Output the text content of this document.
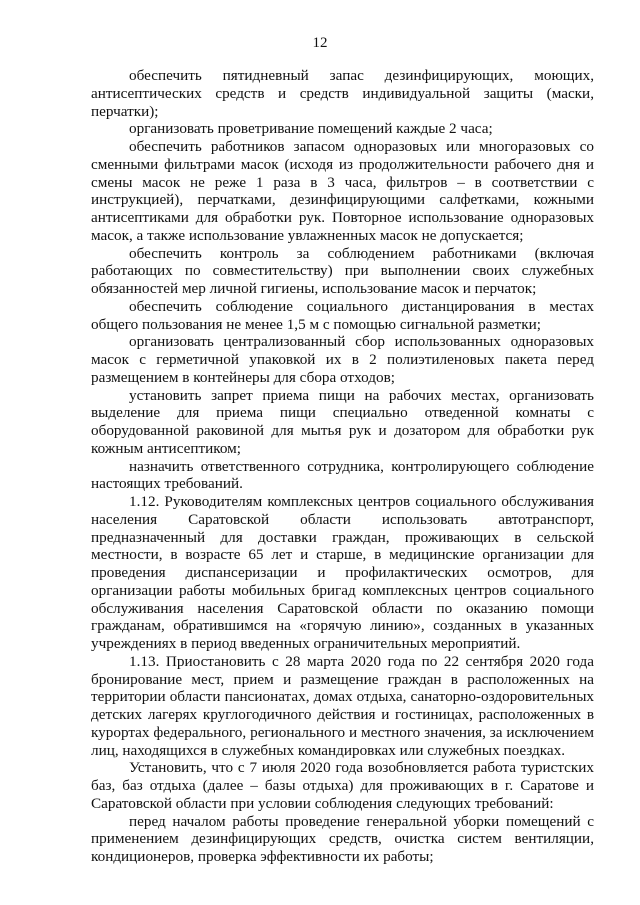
12

обеспечить пятидневный запас дезинфицирующих, моющих, антисептических средств и средств индивидуальной защиты (маски, перчатки);

организовать проветривание помещений каждые 2 часа;

обеспечить работников запасом одноразовых или многоразовых со сменными фильтрами масок (исходя из продолжительности рабочего дня и смены масок не реже 1 раза в 3 часа, фильтров – в соответствии с инструкцией), перчатками, дезинфицирующими салфетками, кожными антисептиками для обработки рук. Повторное использование одноразовых масок, а также использование увлажненных масок не допускается;

обеспечить контроль за соблюдением работниками (включая работающих по совместительству) при выполнении своих служебных обязанностей мер личной гигиены, использование масок и перчаток;

обеспечить соблюдение социального дистанцирования в местах общего пользования не менее 1,5 м с помощью сигнальной разметки;

организовать централизованный сбор использованных одноразовых масок с герметичной упаковкой их в 2 полиэтиленовых пакета перед размещением в контейнеры для сбора отходов;

установить запрет приема пищи на рабочих местах, организовать выделение для приема пищи специально отведенной комнаты с оборудованной раковиной для мытья рук и дозатором для обработки рук кожным антисептиком;

назначить ответственного сотрудника, контролирующего соблюдение настоящих требований.

1.12. Руководителям комплексных центров социального обслуживания населения Саратовской области использовать автотранспорт, предназначенный для доставки граждан, проживающих в сельской местности, в возрасте 65 лет и старше, в медицинские организации для проведения диспансеризации и профилактических осмотров, для организации работы мобильных бригад комплексных центров социального обслуживания населения Саратовской области по оказанию помощи гражданам, обратившимся на «горячую линию», созданных в указанных учреждениях в период введенных ограничительных мероприятий.

1.13. Приостановить с 28 марта 2020 года по 22 сентября 2020 года бронирование мест, прием и размещение граждан в расположенных на территории области пансионатах, домах отдыха, санаторно-оздоровительных детских лагерях круглогодичного действия и гостиницах, расположенных в курортах федерального, регионального и местного значения, за исключением лиц, находящихся в служебных командировках или служебных поездках.

Установить, что с 7 июля 2020 года возобновляется работа туристских баз, баз отдыха (далее – базы отдыха) для проживающих в г. Саратове и Саратовской области при условии соблюдения следующих требований:

перед началом работы проведение генеральной уборки помещений с применением дезинфицирующих средств, очистка систем вентиляции, кондиционеров, проверка эффективности их работы;
